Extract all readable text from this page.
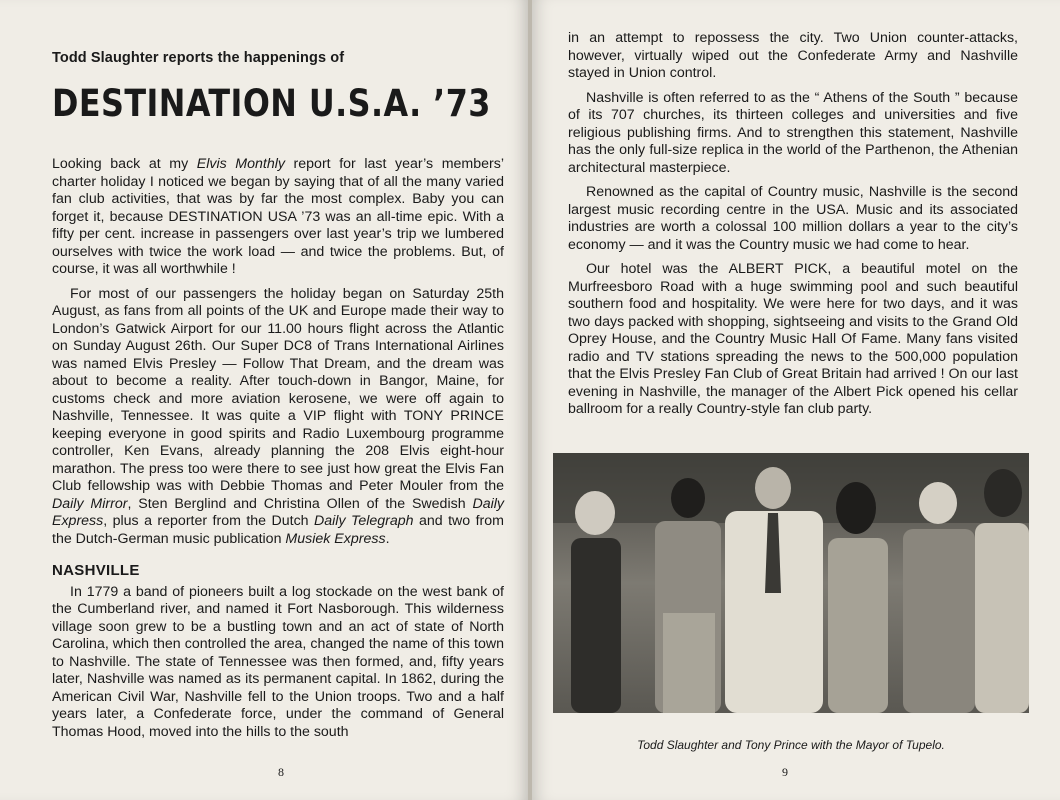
Todd Slaughter reports the happenings of
DESTINATION U.S.A. ’73

Looking back at my Elvis Monthly report for last year’s members’ charter holiday I noticed we began by saying that of all the many varied fan club activities, that was by far the most complex. Baby you can forget it, because DESTINATION USA ’73 was an all-time epic. With a fifty per cent. increase in passengers over last year’s trip we lumbered ourselves with twice the work load — and twice the problems. But, of course, it was all worthwhile !

For most of our passengers the holiday began on Saturday 25th August, as fans from all points of the UK and Europe made their way to London’s Gatwick Airport for our 11.00 hours flight across the Atlantic on Sunday August 26th. Our Super DC8 of Trans International Airlines was named Elvis Presley — Follow That Dream, and the dream was about to become a reality. After touch-down in Bangor, Maine, for customs check and more aviation kerosene, we were off again to Nashville, Tennessee. It was quite a VIP flight with TONY PRINCE keeping everyone in good spirits and Radio Luxembourg programme controller, Ken Evans, already planning the 208 Elvis eight-hour marathon. The press too were there to see just how great the Elvis Fan Club fellowship was with Debbie Thomas and Peter Mouler from the Daily Mirror, Sten Berglind and Christina Ollen of the Swedish Daily Express, plus a reporter from the Dutch Daily Telegraph and two from the Dutch-German music publication Musiek Express.

NASHVILLE

In 1779 a band of pioneers built a log stockade on the west bank of the Cumberland river, and named it Fort Nasborough. This wilderness village soon grew to be a bustling town and an act of state of North Carolina, which then controlled the area, changed the name of this town to Nashville. The state of Tennessee was then formed, and, fifty years later, Nashville was named as its permanent capital. In 1862, during the American Civil War, Nashville fell to the Union troops. Two and a half years later, a Confederate force, under the command of General Thomas Hood, moved into the hills to the south

8	9

in an attempt to repossess the city. Two Union counter-attacks, however, virtually wiped out the Confederate Army and Nashville stayed in Union control.

Nashville is often referred to as the “ Athens of the South ” because of its 707 churches, its thirteen colleges and universities and five religious publishing firms. And to strengthen this statement, Nashville has the only full-size replica in the world of the Parthenon, the Athenian architectural masterpiece.

Renowned as the capital of Country music, Nashville is the second largest music recording centre in the USA. Music and its associated industries are worth a colossal 100 million dollars a year to the city’s economy — and it was the Country music we had come to hear.

Our hotel was the ALBERT PICK, a beautiful motel on the Murfreesboro Road with a huge swimming pool and such beautiful southern food and hospitality. We were here for two days, and it was two days packed with shopping, sightseeing and visits to the Grand Old Oprey House, and the Country Music Hall Of Fame. Many fans visited radio and TV stations spreading the news to the 500,000 population that the Elvis Presley Fan Club of Great Britain had arrived ! On our last evening in Nashville, the manager of the Albert Pick opened his cellar ballroom for a really Country-style fan club party.

Todd Slaughter and Tony Prince with the Mayor of Tupelo.
